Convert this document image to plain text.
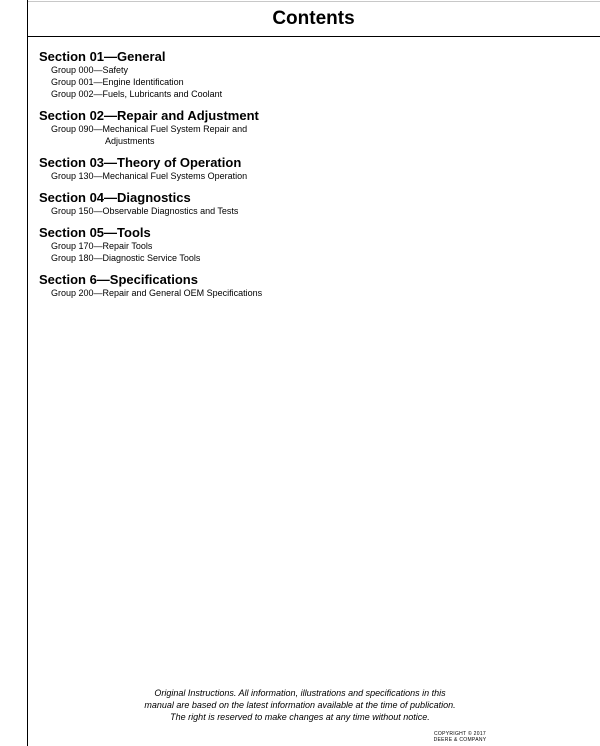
Contents
Section 01—General
Group 000—Safety
Group 001—Engine Identification
Group 002—Fuels, Lubricants and Coolant
Section 02—Repair and Adjustment
Group 090—Mechanical Fuel System Repair and
Adjustments
Section 03—Theory of Operation
Group 130—Mechanical Fuel Systems Operation
Section 04—Diagnostics
Group 150—Observable Diagnostics and Tests
Section 05—Tools
Group 170—Repair Tools
Group 180—Diagnostic Service Tools
Section 6—Specifications
Group 200—Repair and General OEM Specifications
Original Instructions. All information, illustrations and specifications in this
manual are based on the latest information available at the time of publication.
The right is reserved to make changes at any time without notice.
COPYRIGHT © 2017
DEERE & COMPANY
